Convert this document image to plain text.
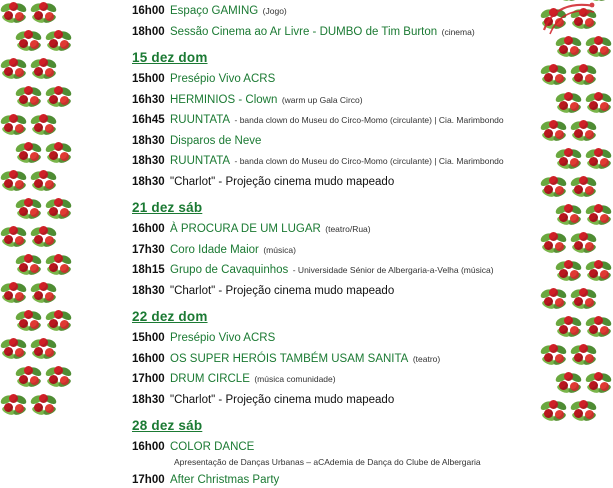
16h00 Espaço GAMING (Jogo)
18h00 Sessão Cinema ao Ar Livre - DUMBO de Tim Burton (cinema)
15 dez dom
15h00 Presépio Vivo ACRS
16h30 HERMINIOS - Clown (warm up Gala Circo)
16h45 RUUNTATA - banda clown do Museu do Circo-Momo (circulante) | Cia. Marimbondo
18h30 Disparos de Neve
18h30 RUUNTATA - banda clown do Museu do Circo-Momo (circulante) | Cia. Marimbondo
18h30 "Charlot" - Projeção cinema mudo mapeado
21 dez sáb
16h00 À PROCURA DE UM LUGAR (teatro/Rua)
17h30 Coro Idade Maior (música)
18h15 Grupo de Cavaquinhos - Universidade Sénior de Albergaria-a-Velha (música)
18h30 "Charlot" - Projeção cinema mudo mapeado
22 dez dom
15h00 Presépio Vivo ACRS
16h00 OS SUPER HERÓIS TAMBÉM USAM SANITA (teatro)
17h00 DRUM CIRCLE (música comunidade)
18h30 "Charlot" - Projeção cinema mudo mapeado
28 dez sáb
16h00 COLOR DANCE
Apresentação de Danças Urbanas – aCAdemia de Dança do Clube de Albergaria
17h00 After Christmas Party
